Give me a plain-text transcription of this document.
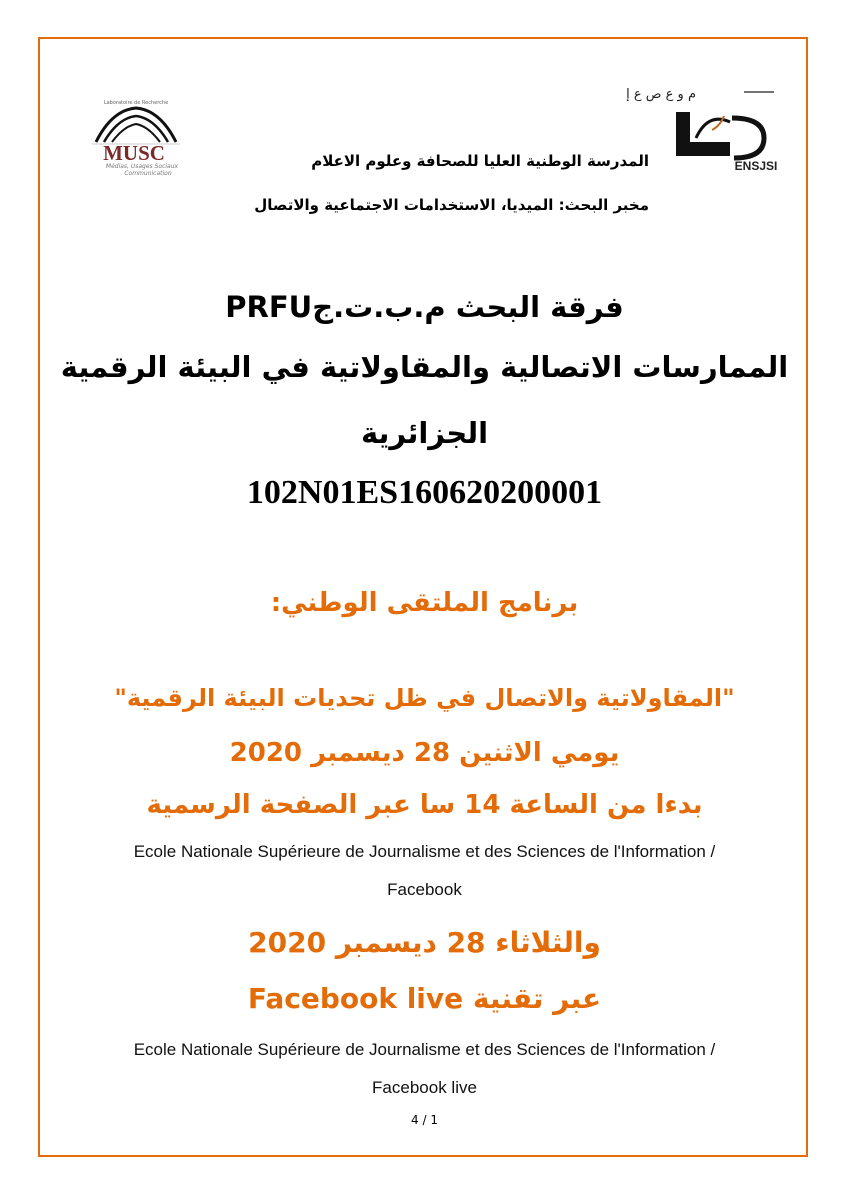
Laboratoire de Recherche
MUSC
Médias, Usages Sociaux
Communication
م و ع ص ع إ
ENSJSI
المدرسة الوطنية العليا للصحافة وعلوم الاعلام
مخبر البحث: الميديا، الاستخدامات الاجتماعية والاتصال
فرقة البحث م.ب.ت.جPRFU
الممارسات الاتصالية والمقاولاتية في البيئة الرقمية
الجزائرية
102N01ES160620200001
برنامج الملتقى الوطني:
"المقاولاتية والاتصال في ظل تحديات البيئة الرقمية"
يومي الاثنين 28 ديسمبر 2020
بدءا من الساعة 14 سا عبر الصفحة الرسمية
Ecole Nationale Supérieure de Journalisme et des Sciences de l'Information /
Facebook
والثلاثاء 28 ديسمبر 2020
عبر تقنية Facebook live
Ecole Nationale Supérieure de Journalisme et des Sciences de l'Information /
Facebook live
4 / 1
